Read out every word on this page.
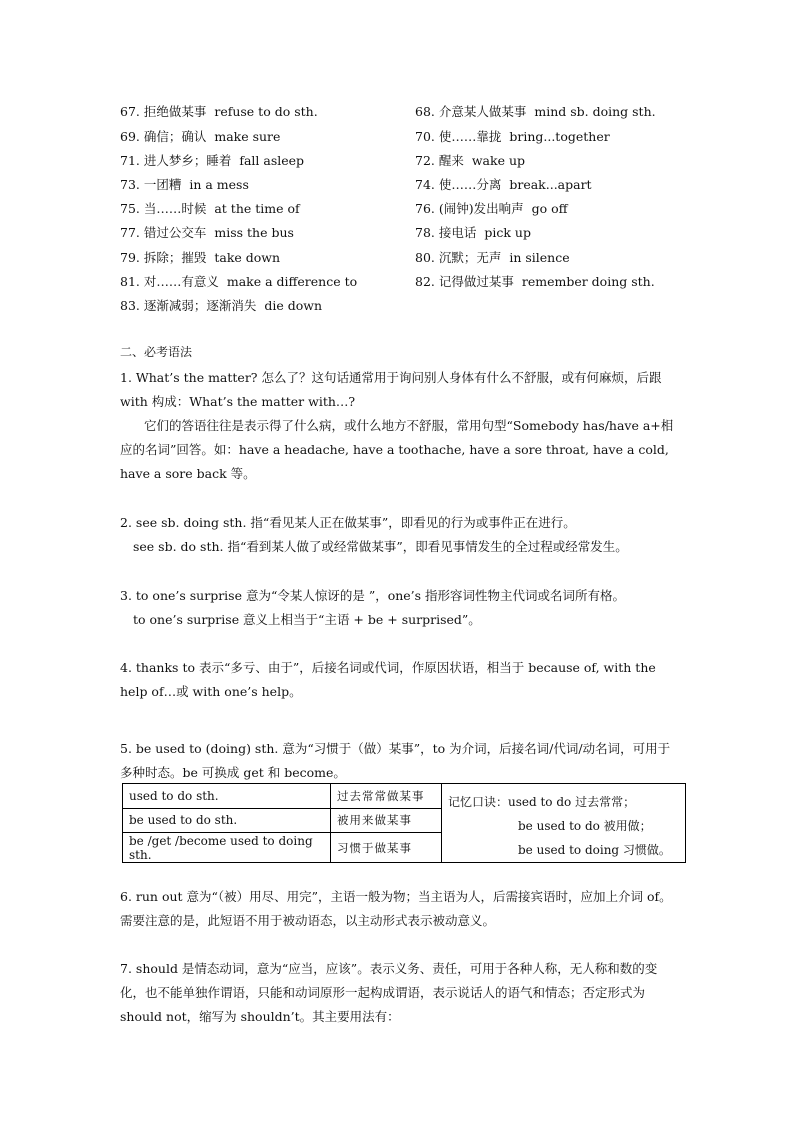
67. 拒绝做某事 refuse to do sth.	68. 介意某人做某事 mind sb. doing sth.
69. 确信；确认 make sure	70. 使……靠拢 bring...together
71. 进人梦乡；睡着 fall asleep	72. 醒来 wake up
73. 一团糟 in a mess	74. 使……分离 break...apart
75. 当……时候 at the time of	76. (闹钟)发出响声 go off
77. 错过公交车 miss the bus	78. 接电话 pick up
79. 拆除；摧毁 take down	80. 沉默；无声 in silence
81. 对……有意义 make a difference to	82. 记得做过某事 remember doing sth.
83. 逐渐减弱；逐渐消失 die down
二、必考语法

1. What’s the matter? 怎么了？这句话通常用于询问别人身体有什么不舒服，或有何麻烦，后跟 with 构成：What’s the matter with…?

它们的答语往往是表示得了什么病，或什么地方不舒服，常用句型“Somebody has/have a+相应的名词”回答。如：have a headache, have a toothache, have a sore throat, have a cold, have a sore back 等。

2. see sb. doing sth. 指“看见某人正在做某事”，即看见的行为或事件正在进行。

see sb. do sth. 指“看到某人做了或经常做某事”，即看见事情发生的全过程或经常发生。

3. to one’s surprise 意为“令某人惊讶的是 ”，one’s 指形容词性物主代词或名词所有格。

to one’s surprise 意义上相当于“主语 + be + surprised”。

4. thanks to 表示“多亏、由于”，后接名词或代词，作原因状语，相当于 because of, with the help of…或 with one’s help。

5. be used to (doing) sth. 意为“习惯于（做）某事”，to 为介词，后接名词/代词/动名词，可用于多种时态。be 可换成 get 和 become。

used to do sth.	过去常常做某事	记忆口诀：used to do 过去常常；
be used to do 被用做；
be used to doing 习惯做。

be used to do sth.	被用来做某事	
be /get /become used to doing sth.	习惯于做某事	

6. run out 意为“（被）用尽、用完”，主语一般为物；当主语为人，后需接宾语时，应加上介词 of。需要注意的是，此短语不用于被动语态，以主动形式表示被动意义。

7. should 是情态动词，意为“应当，应该”。表示义务、责任，可用于各种人称，无人称和数的变化，也不能单独作谓语，只能和动词原形一起构成谓语，表示说话人的语气和情态；否定形式为 should not，缩写为 shouldn’t。其主要用法有：
